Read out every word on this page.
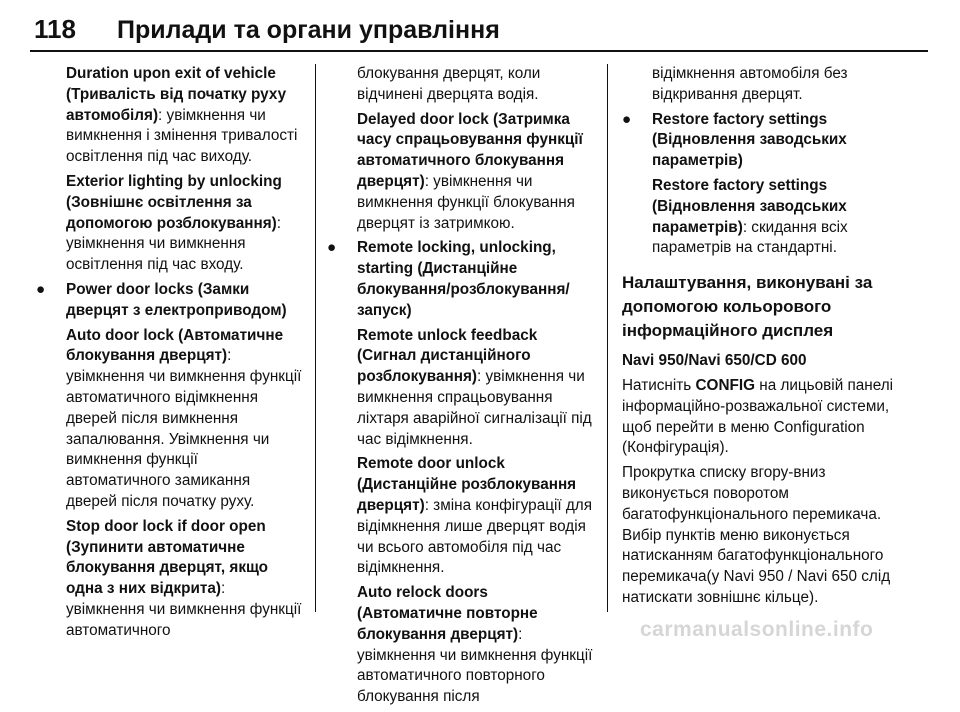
118 Прилади та органи управління

Duration upon exit of vehicle (Тривалість від початку руху автомобіля): увімкнення чи вимкнення і змінення тривалості освітлення під час виходу.

Exterior lighting by unlocking (Зовнішнє освітлення за допомогою розблокування): увімкнення чи вимкнення освітлення під час входу.

● Power door locks (Замки дверцят з електроприводом)

Auto door lock (Автоматичне блокування дверцят): увімкнення чи вимкнення функції автоматичного відімкнення дверей після вимкнення запалювання. Увімкнення чи вимкнення функції автоматичного замикання дверей після початку руху.

Stop door lock if door open (Зупинити автоматичне блокування дверцят, якщо одна з них відкрита): увімкнення чи вимкнення функції автоматичного

блокування дверцят, коли відчинені дверцята водія.

Delayed door lock (Затримка часу спрацьовування функції автоматичного блокування дверцят): увімкнення чи вимкнення функції блокування дверцят із затримкою.

● Remote locking, unlocking, starting (Дистанційне блокування/розблокування/запуск)

Remote unlock feedback (Сигнал дистанційного розблокування): увімкнення чи вимкнення спрацьовування ліхтаря аварійної сигналізації під час відімкнення.

Remote door unlock (Дистанційне розблокування дверцят): зміна конфігурації для відімкнення лише дверцят водія чи всього автомобіля під час відімкнення.

Auto relock doors (Автоматичне повторне блокування дверцят): увімкнення чи вимкнення функції автоматичного повторного блокування після

відімкнення автомобіля без відкривання дверцят.

● Restore factory settings (Відновлення заводських параметрів)

Restore factory settings (Відновлення заводських параметрів): скидання всіх параметрів на стандартні.

Налаштування, виконувані за допомогою кольорового інформаційного дисплея

Navi 950/Navi 650/CD 600

Натисніть CONFIG на лицьовій панелі інформаційно-розважальної системи, щоб перейти в меню Configuration (Конфігурація).

Прокрутка списку вгору-вниз виконується поворотом багатофункціонального перемикача. Вибір пунктів меню виконується натисканням багатофункціонального перемикача(у Navi 950 / Navi 650 слід натискати зовнішнє кільце).

carmanualsonline.info
